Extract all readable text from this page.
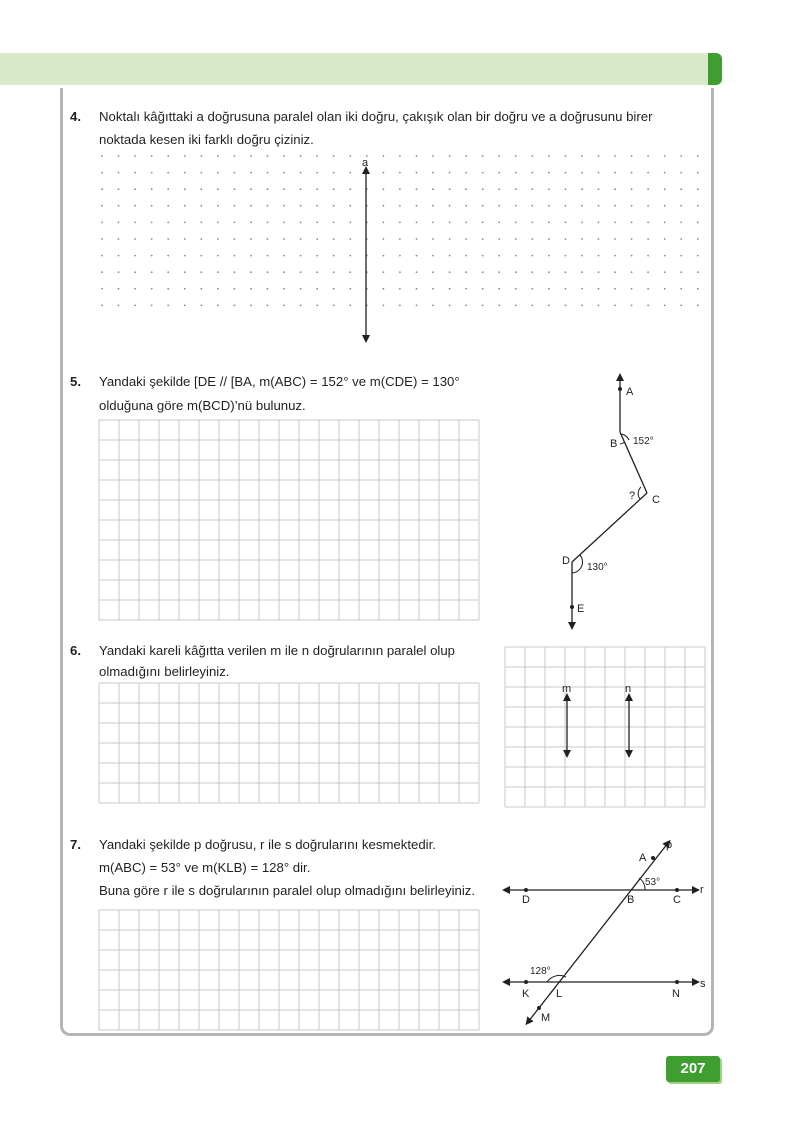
4. Noktalı kâğıttaki a doğrusuna paralel olan iki doğru, çakışık olan bir doğru ve a doğrusunu birer
noktada kesen iki farklı doğru çiziniz.
5. Yandaki şekilde [DE // [BA, m(ABC) = 152° ve m(CDE) = 130°
olduğuna göre m(BCD)’nü bulunuz.
6. Yandaki kareli kâğıtta verilen m ile n doğrularının paralel olup
olmadığını belirleyiniz.
7. Yandaki şekilde p doğrusu, r ile s doğrularını kesmektedir.
m(ABC) = 53° ve m(KLB) = 128° dir.
Buna göre r ile s doğrularının paralel olup olmadığını belirleyiniz.
a
A
B 152°
C
?
D
130°
E
m	n
p
A
r
D	B	C
53°
s
K L	N
128°
M
207
